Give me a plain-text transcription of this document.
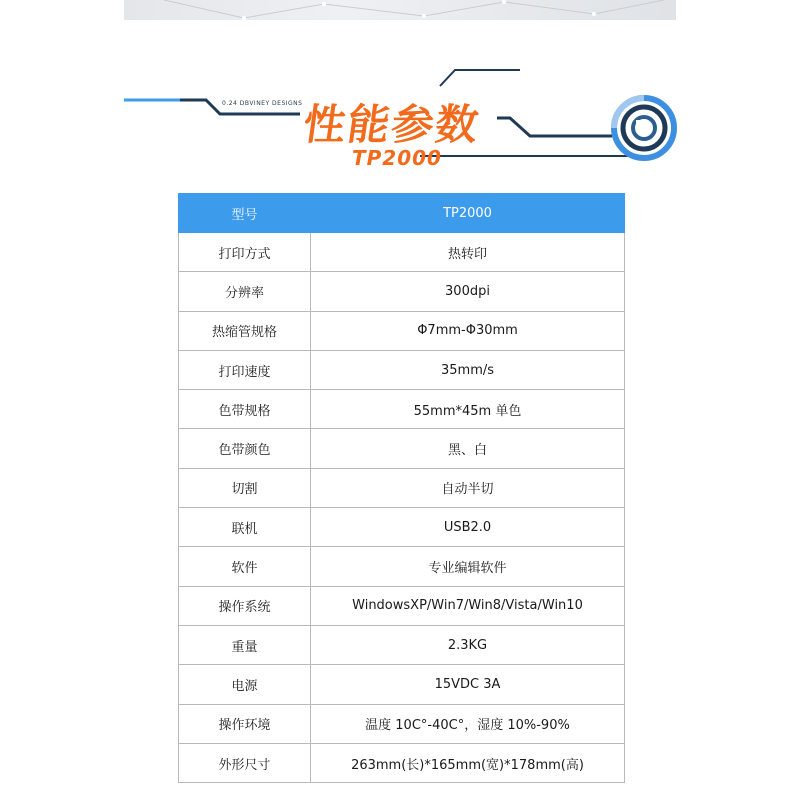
0.24 DBVINEY DESIGNS
性能参数
TP2000
型号	TP2000
打印方式	热转印
分辨率	300dpi
热缩管规格	Φ7mm-Φ30mm
打印速度	35mm/s
色带规格	55mm*45m 单色
色带颜色	黑、白
切割	自动半切
联机	USB2.0
软件	专业编辑软件
操作系统	WindowsXP/Win7/Win8/Vista/Win10
重量	2.3KG
电源	15VDC 3A
操作环境	温度 10C°-40C°，湿度 10%-90%
外形尺寸	263mm(长)*165mm(宽)*178mm(高)
